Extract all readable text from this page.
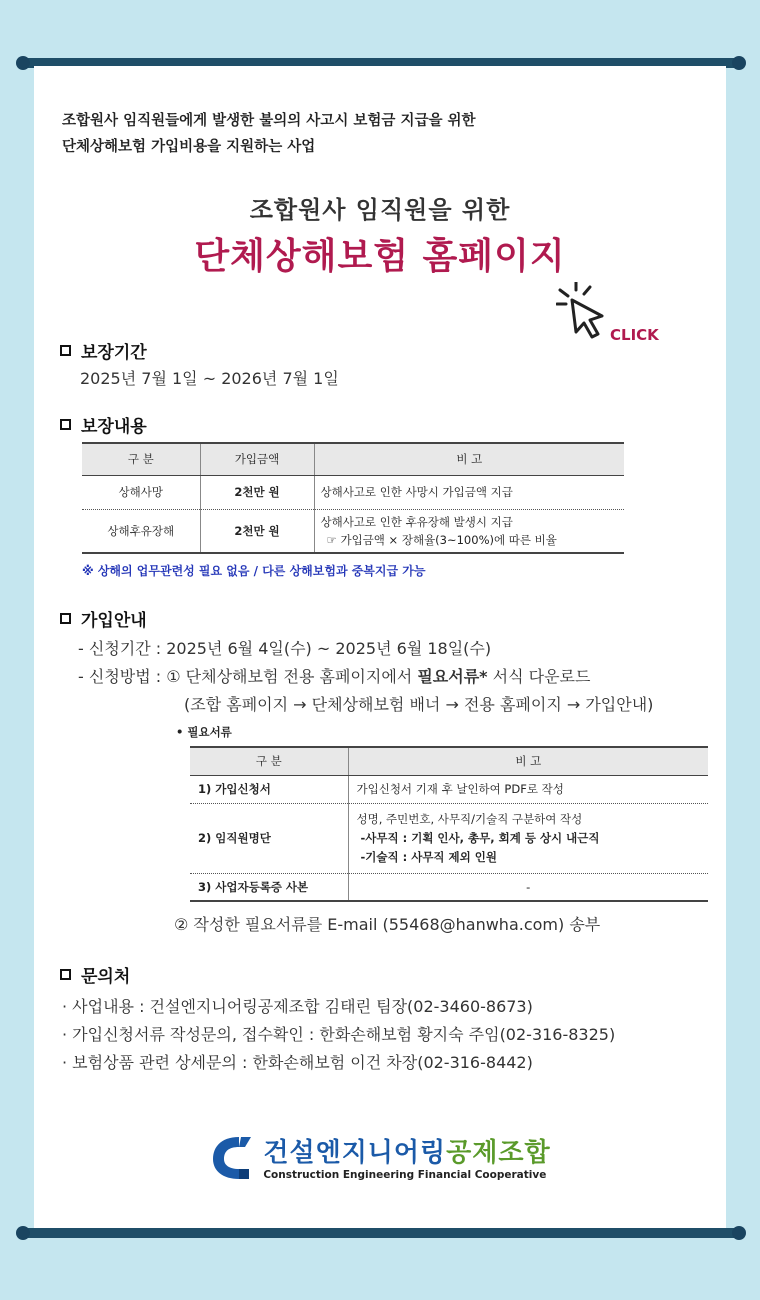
조합원사 임직원들에게 발생한 불의의 사고시 보험금 지급을 위한
단체상해보험 가입비용을 지원하는 사업
조합원사 임직원을 위한
단체상해보험 홈페이지
CLICK
보장기간
2025년 7월 1일 ~ 2026년 7월 1일
보장내용
구 분	가입금액	비 고
상해사망	2천만 원	상해사고로 인한 사망시 가입금액 지급
상해후유장해	2천만 원	상해사고로 인한 후유장해 발생시 지급
☞ 가입금액 × 장해율(3~100%)에 따른 비율
※ 상해의 업무관련성 필요 없음 / 다른 상해보험과 중복지급 가능
가입안내
- 신청기간 : 2025년 6월 4일(수) ~ 2025년 6월 18일(수)
- 신청방법 : ① 단체상해보험 전용 홈페이지에서 필요서류* 서식 다운로드
(조합 홈페이지 → 단체상해보험 배너 → 전용 홈페이지 → 가입안내)
• 필요서류
구 분	비 고
1) 가입신청서	가입신청서 기재 후 날인하여 PDF로 작성
2) 임직원명단	성명, 주민번호, 사무직/기술직 구분하여 작성
-사무직 : 기획 인사, 총무, 회계 등 상시 내근직
-기술직 : 사무직 제외 인원

3) 사업자등록증 사본	-
② 작성한 필요서류를 E-mail (55468@hanwha.com) 송부
문의처
· 사업내용 : 건설엔지니어링공제조합 김태린 팀장(02-3460-8673)
· 가입신청서류 작성문의, 접수확인 : 한화손해보험 황지숙 주임(02-316-8325)
· 보험상품 관련 상세문의 : 한화손해보험 이건 차장(02-316-8442)
건설엔지니어링공제조합
Construction Engineering Financial Cooperative
